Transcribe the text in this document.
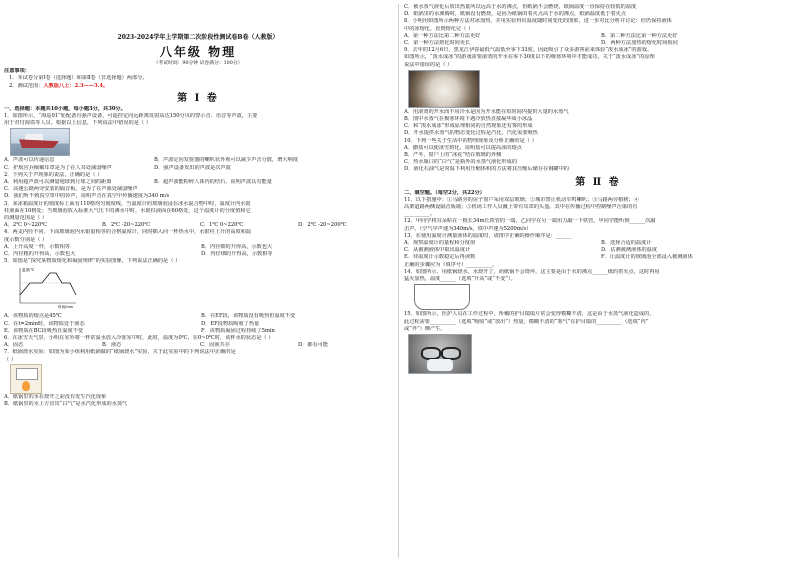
2023-2024学年上学期第二次阶段性测试卷B卷（人教版）
八年级 物理
（考试时间：90分钟 试卷满分：100分）
注意事项：
1．本试卷分第Ⅰ卷（选择题）和第Ⅱ卷（非选择题）两部分。
2．测试范围：人教版八上：2.3——3.4。
第 Ⅰ 卷
一、选择题：本题共10小题，每小题3分，共30分。
1．如图所示，“海巡01”轮配备有强声设备，可遥控定向远距离发射高达150分贝的警示音、语音等声波，主要
用于对付海盗等人员。根据以上信息，下列说法中错误的是（ ）
A．声波可以传递信息	B．声波定向发射器的喇叭状外观可以减少声音分散，增大响度
C．护航官兵佩戴耳罩是为了在人耳处减弱噪声	D．强声设备发出的声波是次声波
2．下列关于声现象的说法，正确的是（ ）
A．利用超声波可以测量地球到月球之间的距离	B．超声波能粉碎人体内的结石，说明声波具有能量
C．高速公路两旁安装的隔音板，是为了在声源处减弱噪声
D．我们听不到真空罩中的铃声，说明声音在真空中传播速度为340 m/s
3．某冰箱温度计的刻度标上面有110格均匀刻度线，当温度计的玻璃泡浸在冰水混合物中时，温度计内水银
柱液面在10格处；当玻璃泡放入标准大气压下的沸水中时，水银柱液面在60格处，这个温度计的分度值和它
的测量范围是（ ）
A．2℃ 0~220℃	B．2℃ -20~220℃	C．1℃ 0~220℃	D．2℃ -20~200℃
4．两支内径不同、下面玻璃泡内水银量相等的合格温度计，同时插入同一杯热水中，水银柱上升的高度和温
度示数分别是（ ）
A．上升高度一样，示数相等	B．内径细的升得高，示数也大
C．内径粗的升得高，示数也大	D．内径细的升得高，示数相等
5．如图是“探究某物质熔化和凝固规律”的实验图像，下列说法正确的是（ ）
温度/℃
时间/min
A．该物质的熔点是45℃	B．在EF段，该物质没有吸热但温度不变
C．在t=2min时，该物质处于液态	D．EF段物质吸收了热量
E．该物质在BC段吸热且温度不变	F．该物质凝固过程持续了5min
6．在冰雪天气里，小明在室外将一杯常温水放入冷冻室中时，此时，温度为0℃，在0~0℃时，该杯水的状态是（ ）
A．固态	B．液态	C．固液共存	D．都有可能
7．纸锅烧水实验：如图为某小组利用纸锅做的“纸锅烧水”实验，关于此实验中的下列说法中正确的是
（ ）
A．纸锅里的水在烧开之前没有发生汽化现象
B．纸锅里的水上方冒出“白气”是水汽化形成的水蒸气
C．被水蒸气液化后放出热量所以远高于水的沸点，但纸锅不会燃烧，纸锅温度一直保持在较低的温度
D．纸锅里的水沸腾时，纸锅没有燃烧，是因为纸锅的着火点高于水的沸点，纸锅温度低于着火点
8．小明用如图所示两种方法对冰加热，并用实验得出温度随时间变化的图象，进一步对比分析并讨论：但仍保持液体
中的冰熔化，直到熔化完（ ）
A．第一种方法比第二种方法更好	B．第二种方法比第一种方法更好
C．第一种方法熔化时间更长	D．两种方法加热的熔化时间相同
9．去年的12月6日，黑龙江伊春最低气温低至零下33度。因此吸引了众多游客前来体验“泼水成冰”的游戏。
如图所示，“泼水成冰”的游戏需要滚烫的开水在零下30度以下的极寒环境中才能成功。关于“泼水成冰”的原理
说法中错误的是（ ）
A．用滚烫的开水而不用冷水是因为开水能在短时间内提供大量的水蒸气
B．图中水蒸气在极寒环境下遇冷放热直接凝华成小冰晶
C．和“泼水成冰”形成原理相同的自然现象还有雾的形成
D．开水提供水蒸气的物态变化过程是汽化，汽化需要吸热
10．下列一些关于生活中的物理现象及分析正确的是（ ）
A．撒盐可以使冰雪熔化，说明盐可以提高冰的熔点
B．严冬，窗户上的“冰花”结在玻璃的外侧
C．热水瓶口的“白气”是瓶外的水蒸气液化形成的
D．液化石油气是常温下利用压缩体积的方法将其压缩后储存在钢罐中的
第 Ⅱ 卷
二、填空题。（每空2分，共22分）
11．以下措施中：①马路旁的房子窗户采用双层玻璃；②城市禁止机动车鸣喇叭；③马路两旁植树；④
高架道路两侧设隔音板墙；⑤机场工作人员戴上带有耳罩的头盔。其中在传播过程中控制噪声污染的有
__________。
12．甲同学将耳朵贴在一根长34m长铁管的一端，乙同学在另一端用力敲一下铁管，甲同学能听到______次敲
击声。（空气中声速为340m/s，铁中声速为5200m/s）
13．在使用温度计测量液体的温度时，请排序正确的操作顺序是：______
A．观察温度计的量程和分度值	B．选择合适的温度计
C．从被测液体中取出温度计	D．估测被测液体的温度
E．待温度计示数稳定后再读数	F．让温度计的玻璃泡全部浸入被测液体
正确的步骤应为（填序号）__________。
14．如图所示，用纸锅烧水，水烧开了，而纸锅不会烧坏，这主要是由于水的沸点______纸的着火点，这时再用
猛火加热，温度______（选填“升高”或“不变”）。
15．如图所示，医护人员在工作过程中，所戴的护目镜镜片常会变得模糊不清，这是由于水蒸气液化造成的，
此过程需要__________（选填“吸收”或“放出”）热量，模糊不清的“雾气”在护目镜的__________（选填“内”
或“外”）侧产生。
